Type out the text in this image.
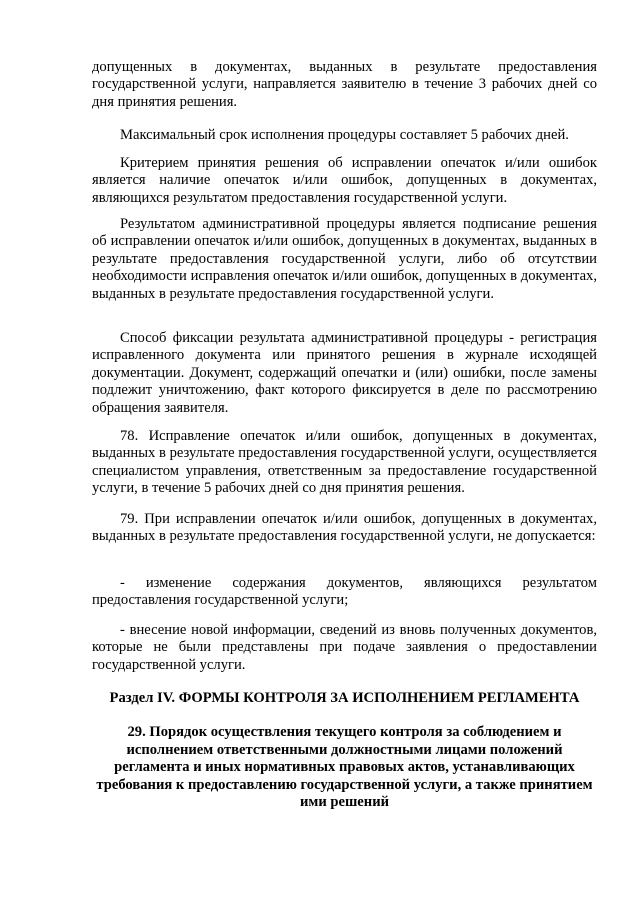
допущенных в документах, выданных в результате предоставления государственной услуги, направляется заявителю в течение 3 рабочих дней со дня принятия решения.

Максимальный срок исполнения процедуры составляет 5 рабочих дней.

Критерием принятия решения об исправлении опечаток и/или ошибок является наличие опечаток и/или ошибок, допущенных в документах, являющихся результатом предоставления государственной услуги.

Результатом административной процедуры является подписание решения об исправлении опечаток и/или ошибок, допущенных в документах, выданных в результате предоставления государственной услуги, либо об отсутствии необходимости исправления опечаток и/или ошибок, допущенных в документах, выданных в результате предоставления государственной услуги.

Способ фиксации результата административной процедуры - регистрация исправленного документа или принятого решения в журнале исходящей документации. Документ, содержащий опечатки и (или) ошибки, после замены подлежит уничтожению, факт которого фиксируется в деле по рассмотрению обращения заявителя.

78. Исправление опечаток и/или ошибок, допущенных в документах, выданных в результате предоставления государственной услуги, осуществляется специалистом управления, ответственным за предоставление государственной услуги, в течение 5 рабочих дней со дня принятия решения.

79. При исправлении опечаток и/или ошибок, допущенных в документах, выданных в результате предоставления государственной услуги, не допускается:

- изменение содержания документов, являющихся результатом предоставления государственной услуги;

- внесение новой информации, сведений из вновь полученных документов, которые не были представлены при подаче заявления о предоставлении государственной услуги.

Раздел IV. ФОРМЫ КОНТРОЛЯ ЗА ИСПОЛНЕНИЕМ РЕГЛАМЕНТА
29. Порядок осуществления текущего контроля за соблюдением и исполнением ответственными должностными лицами положений регламента и иных нормативных правовых актов, устанавливающих требования к предоставлению государственной услуги, а также принятием ими решений
